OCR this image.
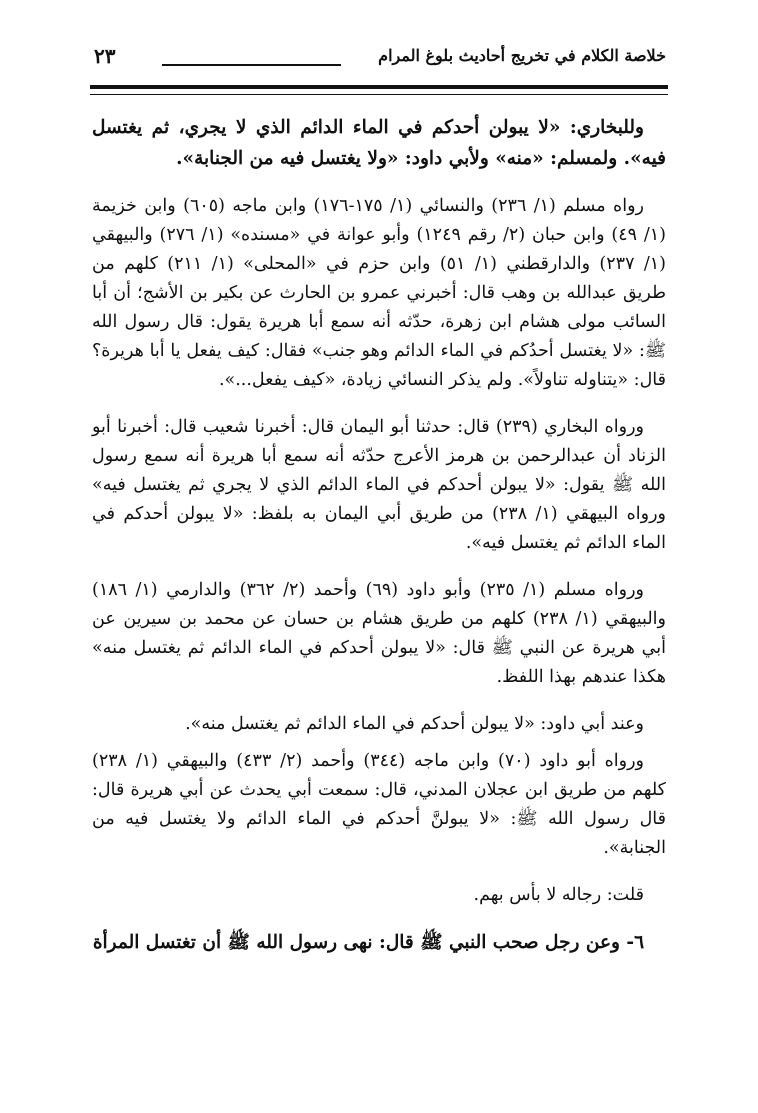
خلاصة الكلام في تخريج أحاديث بلوغ المرام
٢٣

وللبخاري: «لا يبولن أحدكم في الماء الدائم الذي لا يجري، ثم يغتسل فيه». ولمسلم: «منه» ولأبي داود: «ولا يغتسل فيه من الجنابة».

رواه مسلم (١/ ٢٣٦) والنسائي (١/ ١٧٥-١٧٦) وابن ماجه (٦٠٥) وابن خزيمة (١/ ٤٩) وابن حبان (٢/ رقم ١٢٤٩) وأبو عوانة في «مسنده» (١/ ٢٧٦) والبيهقي (١/ ٢٣٧) والدارقطني (١/ ٥١) وابن حزم في «المحلى» (١/ ٢١١) كلهم من طريق عبدالله بن وهب قال: أخبرني عمرو بن الحارث عن بكير بن الأشج؛ أن أبا السائب مولى هشام ابن زهرة، حدّثه أنه سمع أبا هريرة يقول: قال رسول الله ﷺ: «لا يغتسل أحدُكم في الماء الدائم وهو جنب» فقال: كيف يفعل يا أبا هريرة؟ قال: «يتناوله تناولاً». ولم يذكر النسائي زيادة، «كيف يفعل...».

ورواه البخاري (٢٣٩) قال: حدثنا أبو اليمان قال: أخبرنا شعيب قال: أخبرنا أبو الزناد أن عبدالرحمن بن هرمز الأعرج حدّثه أنه سمع أبا هريرة أنه سمع رسول الله ﷺ يقول: «لا يبولن أحدكم في الماء الدائم الذي لا يجري ثم يغتسل فيه» ورواه البيهقي (١/ ٢٣٨) من طريق أبي اليمان به بلفظ: «لا يبولن أحدكم في الماء الدائم ثم يغتسل فيه».

ورواه مسلم (١/ ٢٣٥) وأبو داود (٦٩) وأحمد (٢/ ٣٦٢) والدارمي (١/ ١٨٦) والبيهقي (١/ ٢٣٨) كلهم من طريق هشام بن حسان عن محمد بن سيرين عن أبي هريرة عن النبي ﷺ قال: «لا يبولن أحدكم في الماء الدائم ثم يغتسل منه» هكذا عندهم بهذا اللفظ.

وعند أبي داود: «لا يبولن أحدكم في الماء الدائم ثم يغتسل منه».

ورواه أبو داود (٧٠) وابن ماجه (٣٤٤) وأحمد (٢/ ٤٣٣) والبيهقي (١/ ٢٣٨) كلهم من طريق ابن عجلان المدني، قال: سمعت أبي يحدث عن أبي هريرة قال: قال رسول الله ﷺ: «لا يبولنَّ أحدكم في الماء الدائم ولا يغتسل فيه من الجنابة».

قلت: رجاله لا بأس بهم.

٦- وعن رجل صحب النبي ﷺ قال: نهى رسول الله ﷺ أن تغتسل المرأة
